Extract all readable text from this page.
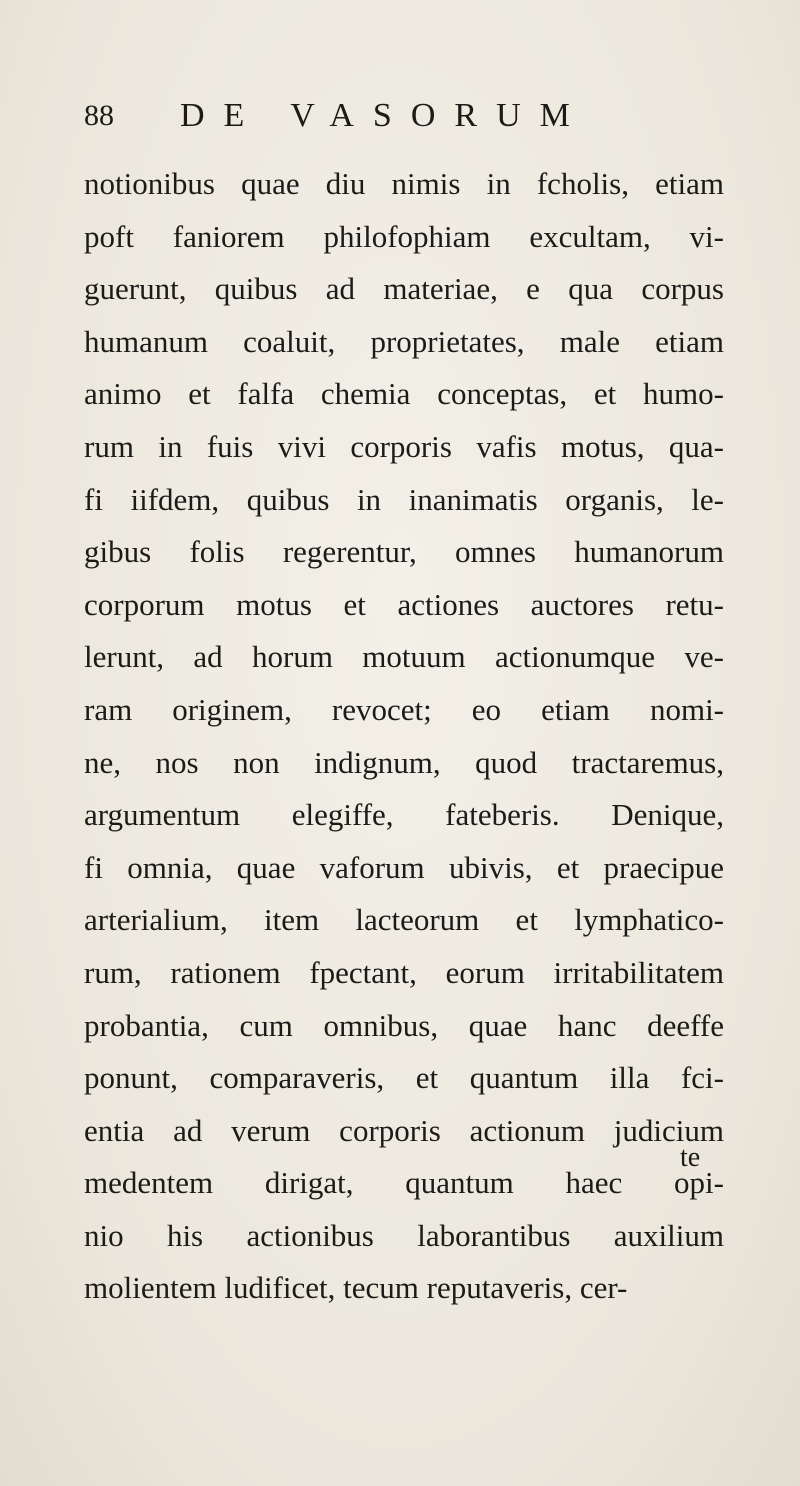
88 DE VASORUM
notionibus quae diu nimis in fcholis, etiam
poft faniorem philofophiam excultam, vi-
guerunt, quibus ad materiae, e qua corpus
humanum coaluit, proprietates, male etiam
animo et falfa chemia conceptas, et humo-
rum in fuis vivi corporis vafis motus, qua-
fi iifdem, quibus in inanimatis organis, le-
gibus folis regerentur, omnes humanorum
corporum motus et actiones auctores retu-
lerunt, ad horum motuum actionumque ve-
ram originem, revocet; eo etiam nomi-
ne, nos non indignum, quod tractaremus,
argumentum elegiffe, fateberis. Denique,
fi omnia, quae vaforum ubivis, et praecipue
arterialium, item lacteorum et lymphatico-
rum, rationem fpectant, eorum irritabilitatem
probantia, cum omnibus, quae hanc deeffe
ponunt, comparaveris, et quantum illa fci-
entia ad verum corporis actionum judicium
medentem dirigat, quantum haec opi-
nio his actionibus laborantibus auxilium
molientem ludificet, tecum reputaveris, cer-
te
